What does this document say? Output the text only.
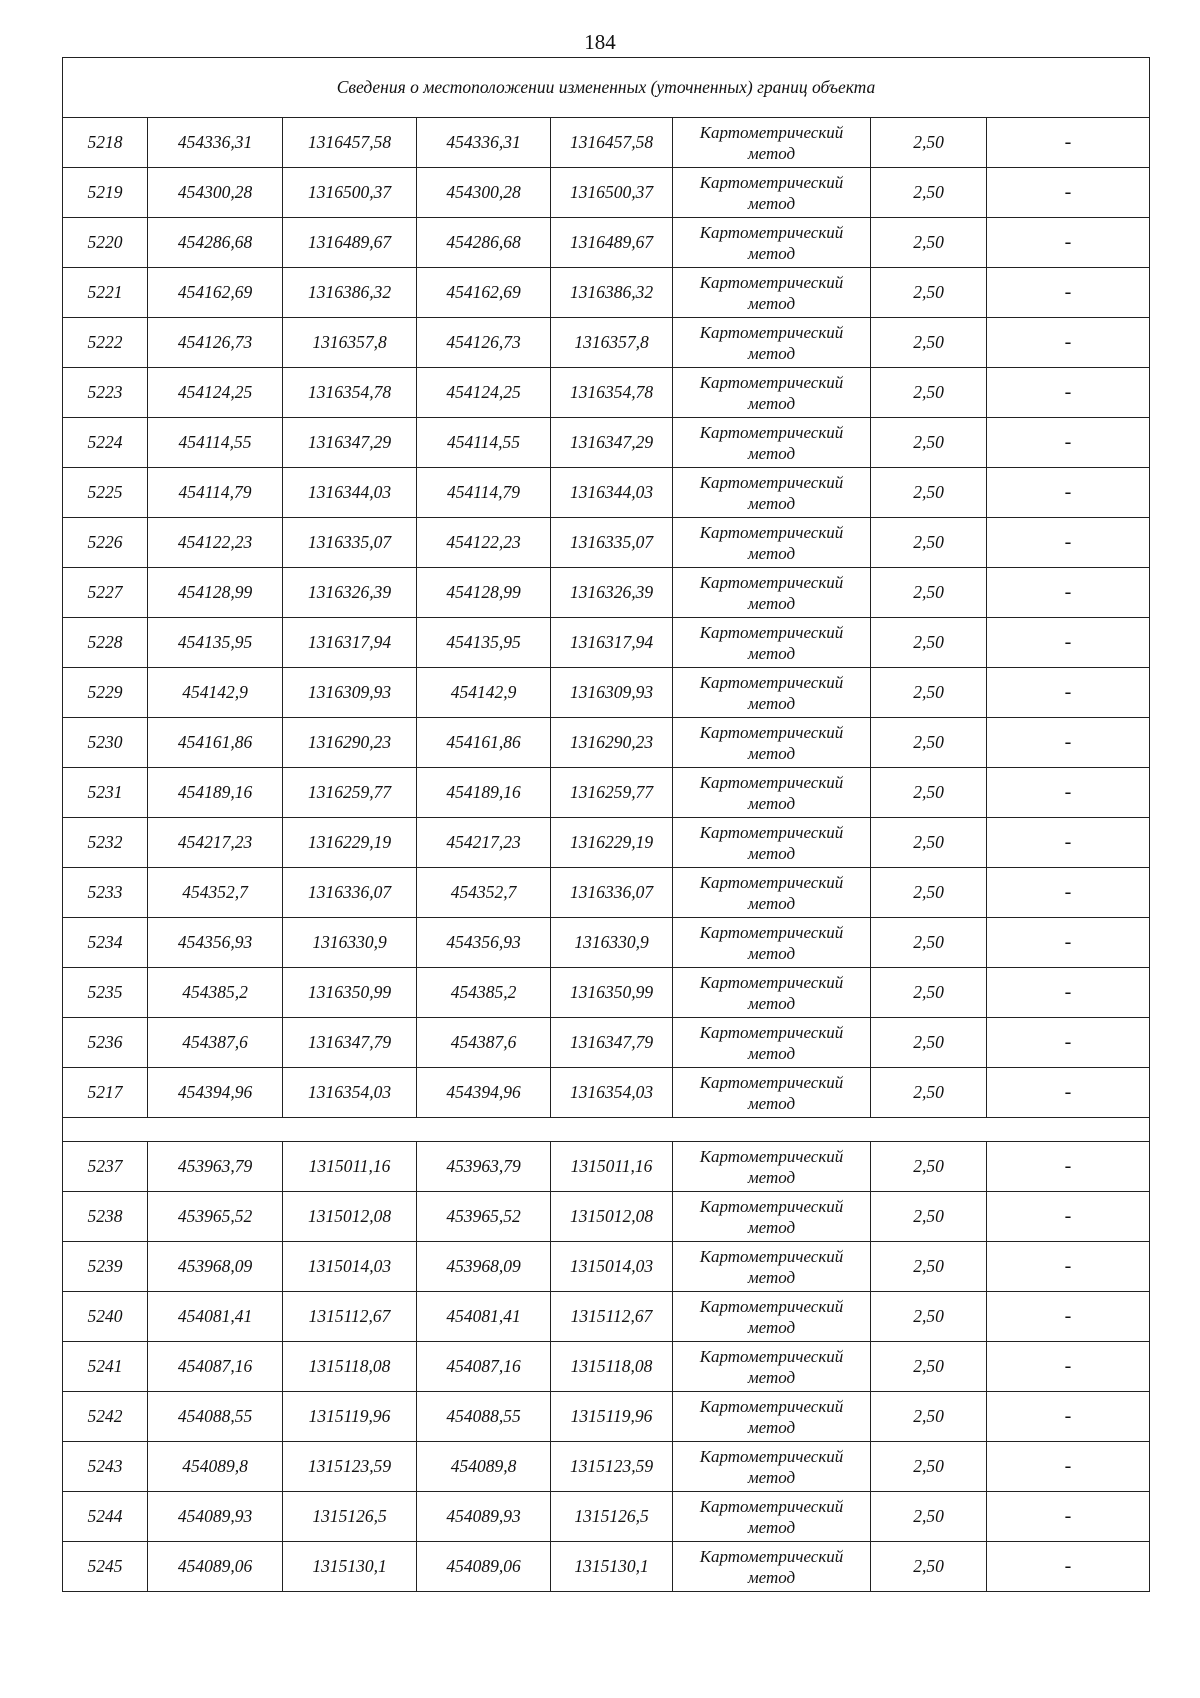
184
Сведения о местоположении измененных (уточненных) границ объекта							
5218	454336,31	1316457,58	454336,31	1316457,58	Картометрический
метод	2,50	-
5219	454300,28	1316500,37	454300,28	1316500,37	Картометрический
метод	2,50	-
5220	454286,68	1316489,67	454286,68	1316489,67	Картометрический
метод	2,50	-
5221	454162,69	1316386,32	454162,69	1316386,32	Картометрический
метод	2,50	-
5222	454126,73	1316357,8	454126,73	1316357,8	Картометрический
метод	2,50	-
5223	454124,25	1316354,78	454124,25	1316354,78	Картометрический
метод	2,50	-
5224	454114,55	1316347,29	454114,55	1316347,29	Картометрический
метод	2,50	-
5225	454114,79	1316344,03	454114,79	1316344,03	Картометрический
метод	2,50	-
5226	454122,23	1316335,07	454122,23	1316335,07	Картометрический
метод	2,50	-
5227	454128,99	1316326,39	454128,99	1316326,39	Картометрический
метод	2,50	-
5228	454135,95	1316317,94	454135,95	1316317,94	Картометрический
метод	2,50	-
5229	454142,9	1316309,93	454142,9	1316309,93	Картометрический
метод	2,50	-
5230	454161,86	1316290,23	454161,86	1316290,23	Картометрический
метод	2,50	-
5231	454189,16	1316259,77	454189,16	1316259,77	Картометрический
метод	2,50	-
5232	454217,23	1316229,19	454217,23	1316229,19	Картометрический
метод	2,50	-
5233	454352,7	1316336,07	454352,7	1316336,07	Картометрический
метод	2,50	-
5234	454356,93	1316330,9	454356,93	1316330,9	Картометрический
метод	2,50	-
5235	454385,2	1316350,99	454385,2	1316350,99	Картометрический
метод	2,50	-
5236	454387,6	1316347,79	454387,6	1316347,79	Картометрический
метод	2,50	-
5217	454394,96	1316354,03	454394,96	1316354,03	Картометрический
метод	2,50	-

5237	453963,79	1315011,16	453963,79	1315011,16	Картометрический
метод	2,50	-
5238	453965,52	1315012,08	453965,52	1315012,08	Картометрический
метод	2,50	-
5239	453968,09	1315014,03	453968,09	1315014,03	Картометрический
метод	2,50	-
5240	454081,41	1315112,67	454081,41	1315112,67	Картометрический
метод	2,50	-
5241	454087,16	1315118,08	454087,16	1315118,08	Картометрический
метод	2,50	-
5242	454088,55	1315119,96	454088,55	1315119,96	Картометрический
метод	2,50	-
5243	454089,8	1315123,59	454089,8	1315123,59	Картометрический
метод	2,50	-
5244	454089,93	1315126,5	454089,93	1315126,5	Картометрический
метод	2,50	-
5245	454089,06	1315130,1	454089,06	1315130,1	Картометрический
метод	2,50	-
